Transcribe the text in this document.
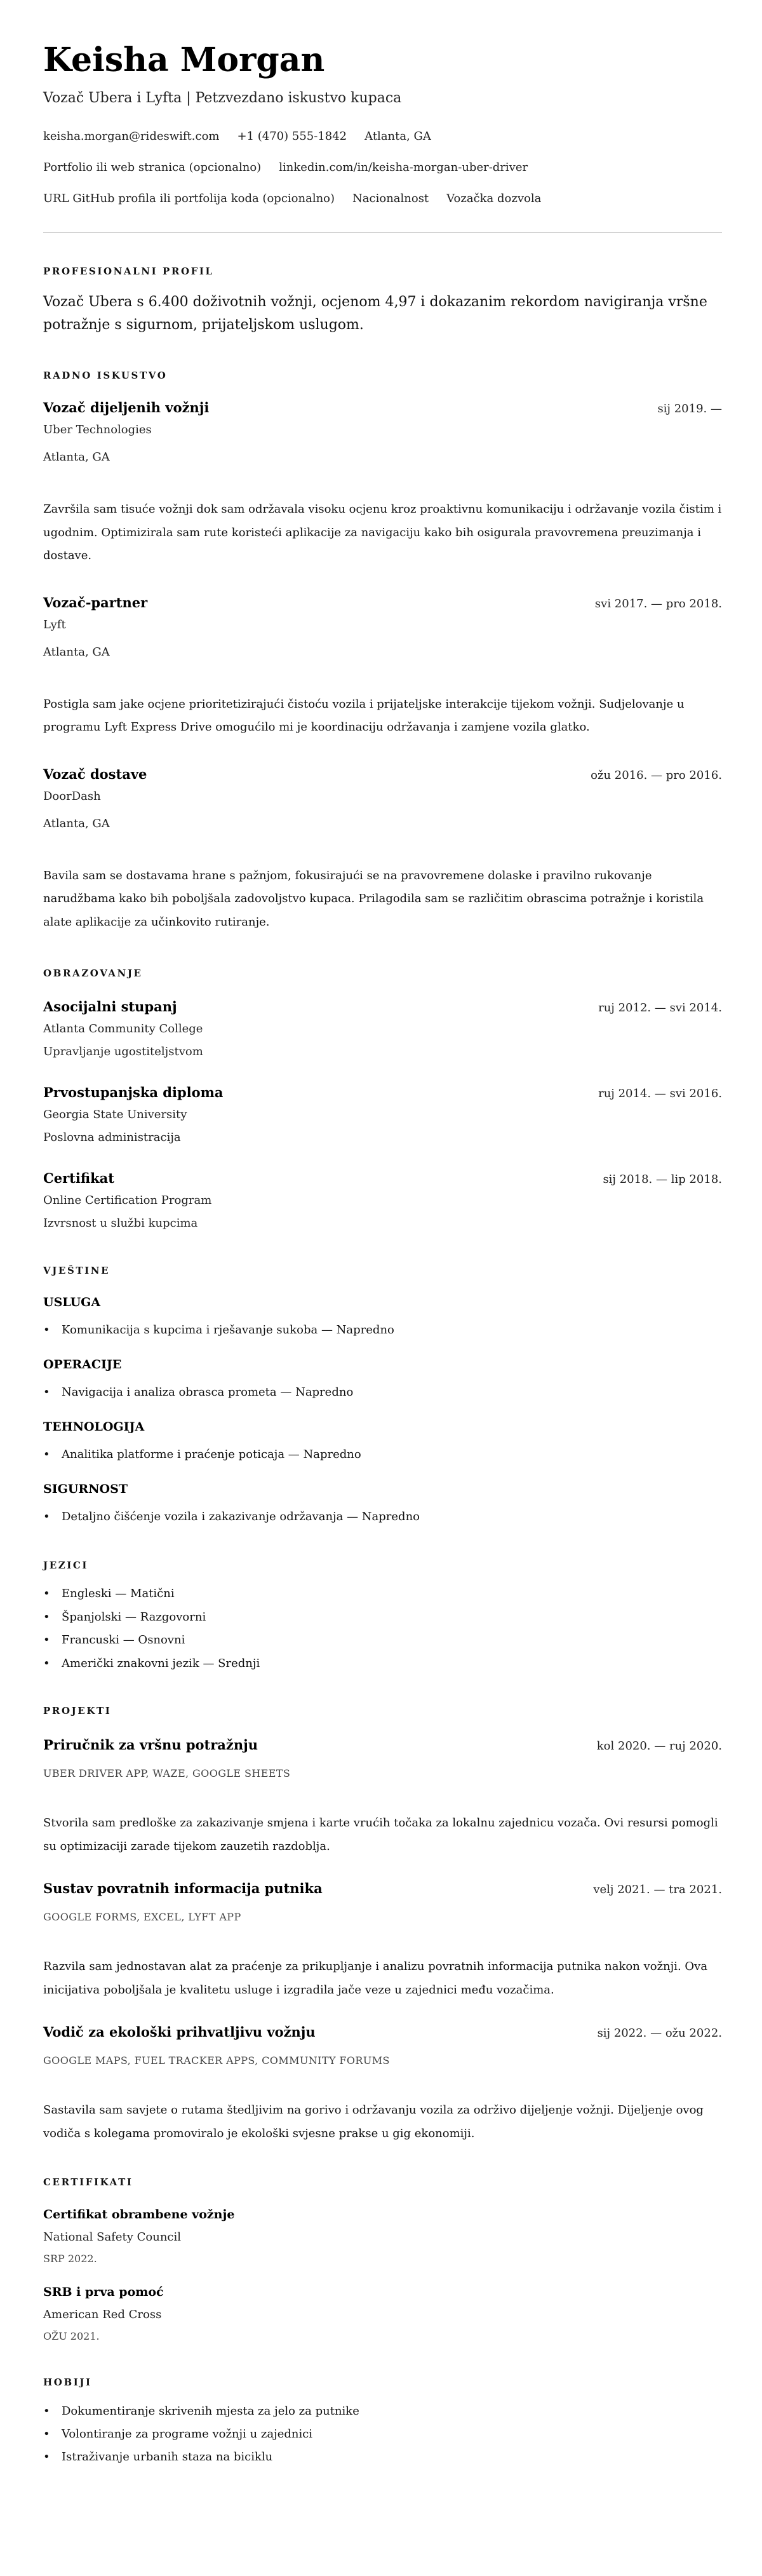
Keisha Morgan
Vozač Ubera i Lyfta | Petzvezdano iskustvo kupaca
keisha.morgan@rideswift.com +1 (470) 555-1842 Atlanta, GA
Portfolio ili web stranica (opcionalno) linkedin.com/in/keisha-morgan-uber-driver
URL GitHub profila ili portfolija koda (opcionalno) Nacionalnost Vozačka dozvola
PROFESIONALNI PROFIL
Vozač Ubera s 6.400 doživotnih vožnji, ocjenom 4,97 i dokazanim rekordom navigiranja vršne potražnje s sigurnom, prijateljskom uslugom.
RADNO ISKUSTVO
Vozač dijeljenih vožnji	sij 2019. —
Uber Technologies
Atlanta, GA
Završila sam tisuće vožnji dok sam održavala visoku ocjenu kroz proaktivnu komunikaciju i održavanje vozila čistim i ugodnim. Optimizirala sam rute koristeći aplikacije za navigaciju kako bih osigurala pravovremena preuzimanja i dostave.
Vozač-partner	svi 2017. — pro 2018.
Lyft
Atlanta, GA
Postigla sam jake ocjene prioritetizirajući čistoću vozila i prijateljske interakcije tijekom vožnji. Sudjelovanje u programu Lyft Express Drive omogućilo mi je koordinaciju održavanja i zamjene vozila glatko.
Vozač dostave	ožu 2016. — pro 2016.
DoorDash
Atlanta, GA
Bavila sam se dostavama hrane s pažnjom, fokusirajući se na pravovremene dolaske i pravilno rukovanje narudžbama kako bih poboljšala zadovoljstvo kupaca. Prilagodila sam se različitim obrascima potražnje i koristila alate aplikacije za učinkovito rutiranje.
OBRAZOVANJE
Asocijalni stupanj	ruj 2012. — svi 2014.
Atlanta Community College
Upravljanje ugostiteljstvom
Prvostupanjska diploma	ruj 2014. — svi 2016.
Georgia State University
Poslovna administracija
Certifikat	sij 2018. — lip 2018.
Online Certification Program
Izvrsnost u službi kupcima
VJEŠTINE
USLUGA
• Komunikacija s kupcima i rješavanje sukoba — Napredno
OPERACIJE
• Navigacija i analiza obrasca prometa — Napredno
TEHNOLOGIJA
• Analitika platforme i praćenje poticaja — Napredno
SIGURNOST
• Detaljno čišćenje vozila i zakazivanje održavanja — Napredno
JEZICI
• Engleski — Matični
• Španjolski — Razgovorni
• Francuski — Osnovni
• Američki znakovni jezik — Srednji
PROJEKTI
Priručnik za vršnu potražnju	kol 2020. — ruj 2020.
UBER DRIVER APP, WAZE, GOOGLE SHEETS
Stvorila sam predloške za zakazivanje smjena i karte vrućih točaka za lokalnu zajednicu vozača. Ovi resursi pomogli su optimizaciji zarade tijekom zauzetih razdoblja.
Sustav povratnih informacija putnika	velj 2021. — tra 2021.
GOOGLE FORMS, EXCEL, LYFT APP
Razvila sam jednostavan alat za praćenje za prikupljanje i analizu povratnih informacija putnika nakon vožnji. Ova inicijativa poboljšala je kvalitetu usluge i izgradila jače veze u zajednici među vozačima.
Vodič za ekološki prihvatljivu vožnju	sij 2022. — ožu 2022.
GOOGLE MAPS, FUEL TRACKER APPS, COMMUNITY FORUMS
Sastavila sam savjete o rutama štedljivim na gorivo i održavanju vozila za održivo dijeljenje vožnji. Dijeljenje ovog vodiča s kolegama promoviralo je ekološki svjesne prakse u gig ekonomiji.
CERTIFIKATI
Certifikat obrambene vožnje
National Safety Council
SRP 2022.
SRB i prva pomoć
American Red Cross
OŽU 2021.
HOBIJI
• Dokumentiranje skrivenih mjesta za jelo za putnike
• Volontiranje za programe vožnji u zajednici
• Istraživanje urbanih staza na biciklu
